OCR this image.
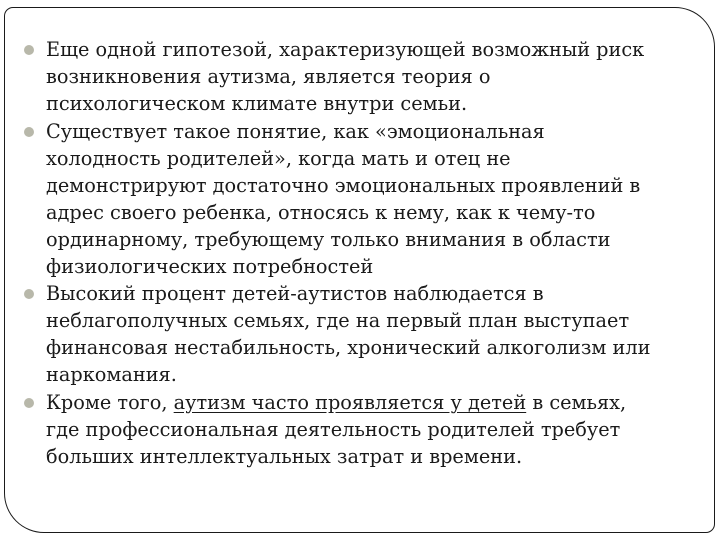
Еще одной гипотезой, характеризующей возможный риск

возникновения аутизма, является теория о

психологическом климате внутри семьи.

Существует такое понятие, как «эмоциональная

холодность родителей», когда мать и отец не

демонстрируют достаточно эмоциональных проявлений в

адрес своего ребенка, относясь к нему, как к чему-то

ординарному, требующему только внимания в области

физиологических потребностей

Высокий процент детей-аутистов наблюдается в

неблагополучных семьях, где на первый план выступает

финансовая нестабильность, хронический алкоголизм или

наркомания.

Кроме того, аутизм часто проявляется у детей в семьях,

где профессиональная деятельность родителей требует

больших интеллектуальных затрат и времени.
